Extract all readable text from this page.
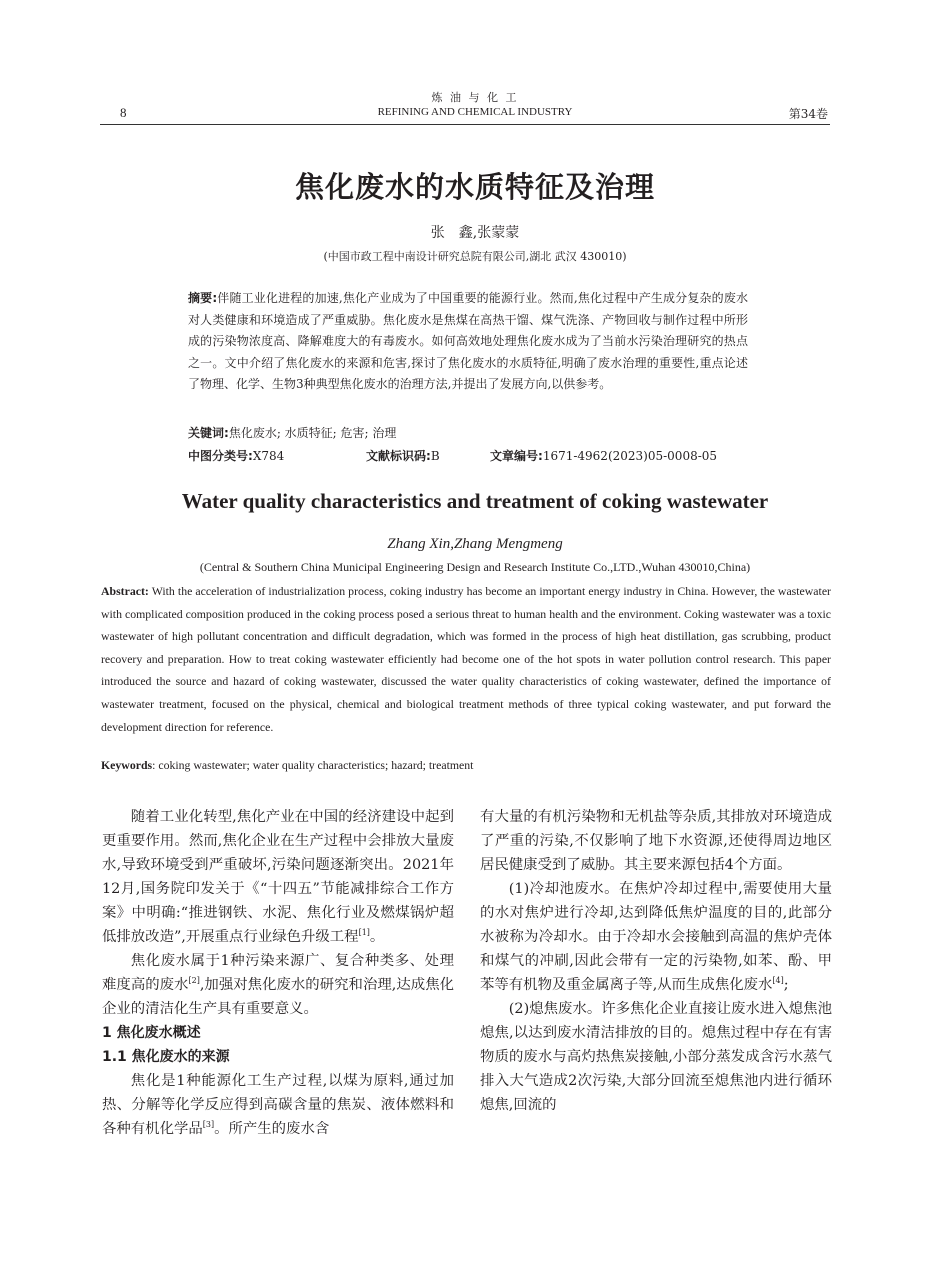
炼 油 与 化 工
REFINING AND CHEMICAL INDUSTRY
8	第34卷
焦化废水的水质特征及治理
张　鑫,张蒙蒙
(中国市政工程中南设计研究总院有限公司,湖北 武汉 430010)
摘要:伴随工业化进程的加速,焦化产业成为了中国重要的能源行业。然而,焦化过程中产生成分复杂的废水对人类健康和环境造成了严重威胁。焦化废水是焦煤在高热干馏、煤气洗涤、产物回收与制作过程中所形成的污染物浓度高、降解难度大的有毒废水。如何高效地处理焦化废水成为了当前水污染治理研究的热点之一。文中介绍了焦化废水的来源和危害,探讨了焦化废水的水质特征,明确了废水治理的重要性,重点论述了物理、化学、生物3种典型焦化废水的治理方法,并提出了发展方向,以供参考。
关键词:焦化废水; 水质特征; 危害; 治理
中图分类号:X784	文献标识码:B	文章编号:1671-4962(2023)05-0008-05
Water quality characteristics and treatment of coking wastewater
Zhang Xin,Zhang Mengmeng
(Central & Southern China Municipal Engineering Design and Research Institute Co.,LTD.,Wuhan 430010,China)
Abstract: With the acceleration of industrialization process, coking industry has become an important energy industry in China. However, the wastewater with complicated composition produced in the coking process posed a serious threat to human health and the environment. Coking wastewater was a toxic wastewater of high pollutant concentration and difficult degradation, which was formed in the process of high heat distillation, gas scrubbing, product recovery and preparation. How to treat coking wastewater efficiently had become one of the hot spots in water pollution control research. This paper introduced the source and hazard of coking wastewater, discussed the water quality characteristics of coking wastewater, defined the importance of wastewater treatment, focused on the physical, chemical and biological treatment methods of three typical coking wastewater, and put forward the development direction for reference.
Keywords: coking wastewater; water quality characteristics; hazard; treatment

随着工业化转型,焦化产业在中国的经济建设中起到更重要作用。然而,焦化企业在生产过程中会排放大量废水,导致环境受到严重破坏,污染问题逐渐突出。2021年12月,国务院印发关于《“十四五”节能减排综合工作方案》中明确:“推进钢铁、水泥、焦化行业及燃煤锅炉超低排放改造”,开展重点行业绿色升级工程[1]。

焦化废水属于1种污染来源广、复合种类多、处理难度高的废水[2],加强对焦化废水的研究和治理,达成焦化企业的清洁化生产具有重要意义。

1 焦化废水概述
1.1 焦化废水的来源

焦化是1种能源化工生产过程,以煤为原料,通过加热、分解等化学反应得到高碳含量的焦炭、液体燃料和各种有机化学品[3]。所产生的废水含

有大量的有机污染物和无机盐等杂质,其排放对环境造成了严重的污染,不仅影响了地下水资源,还使得周边地区居民健康受到了威胁。其主要来源包括4个方面。

(1)冷却池废水。在焦炉冷却过程中,需要使用大量的水对焦炉进行冷却,达到降低焦炉温度的目的,此部分水被称为冷却水。由于冷却水会接触到高温的焦炉壳体和煤气的冲刷,因此会带有一定的污染物,如苯、酚、甲苯等有机物及重金属离子等,从而生成焦化废水[4];

(2)熄焦废水。许多焦化企业直接让废水进入熄焦池熄焦,以达到废水清洁排放的目的。熄焦过程中存在有害物质的废水与高灼热焦炭接触,小部分蒸发成含污水蒸气排入大气造成2次污染,大部分回流至熄焦池内进行循环熄焦,回流的
